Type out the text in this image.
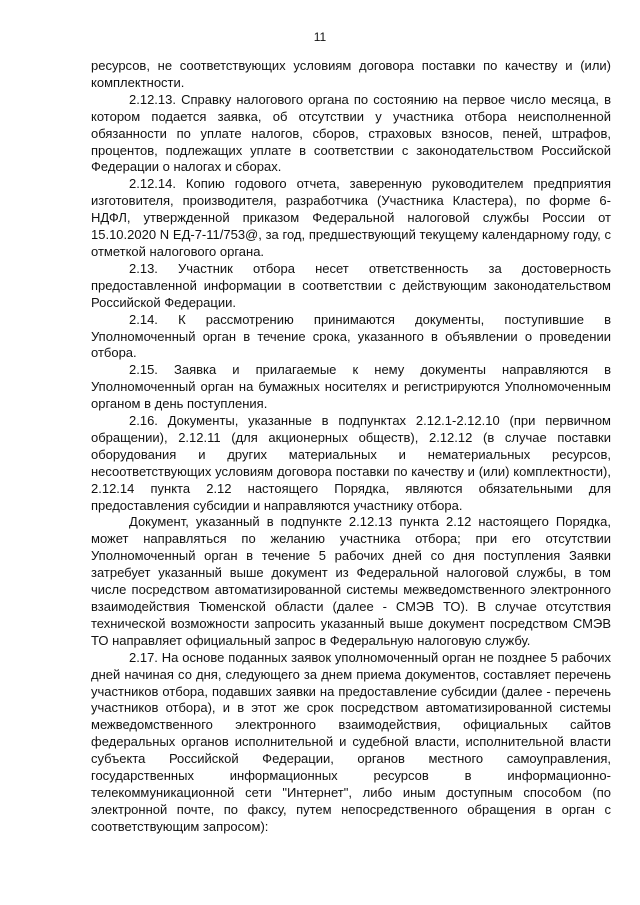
11

ресурсов, не соответствующих условиям договора поставки по качеству и (или) комплектности.

2.12.13. Справку налогового органа по состоянию на первое число месяца, в котором подается заявка, об отсутствии у участника отбора неисполненной обязанности по уплате налогов, сборов, страховых взносов, пеней, штрафов, процентов, подлежащих уплате в соответствии с законодательством Российской Федерации о налогах и сборах.

2.12.14. Копию годового отчета, заверенную руководителем предприятия изготовителя, производителя, разработчика (Участника Кластера), по форме 6-НДФЛ, утвержденной приказом Федеральной налоговой службы России от 15.10.2020 N ЕД-7-11/753@, за год, предшествующий текущему календарному году, с отметкой налогового органа.

2.13. Участник отбора несет ответственность за достоверность предоставленной информации в соответствии с действующим законодательством Российской Федерации.

2.14. К рассмотрению принимаются документы, поступившие в Уполномоченный орган в течение срока, указанного в объявлении о проведении отбора.

2.15. Заявка и прилагаемые к нему документы направляются в Уполномоченный орган на бумажных носителях и регистрируются Уполномоченным органом в день поступления.

2.16. Документы, указанные в подпунктах 2.12.1-2.12.10 (при первичном обращении), 2.12.11 (для акционерных обществ), 2.12.12 (в случае поставки оборудования и других материальных и нематериальных ресурсов, несоответствующих условиям договора поставки по качеству и (или) комплектности), 2.12.14 пункта 2.12 настоящего Порядка, являются обязательными для предоставления субсидии и направляются участнику отбора.

Документ, указанный в подпункте 2.12.13 пункта 2.12 настоящего Порядка, может направляться по желанию участника отбора; при его отсутствии Уполномоченный орган в течение 5 рабочих дней со дня поступления Заявки затребует указанный выше документ из Федеральной налоговой службы, в том числе посредством автоматизированной системы межведомственного электронного взаимодействия Тюменской области (далее - СМЭВ ТО). В случае отсутствия технической возможности запросить указанный выше документ посредством СМЭВ ТО направляет официальный запрос в Федеральную налоговую службу.

2.17. На основе поданных заявок уполномоченный орган не позднее 5 рабочих дней начиная со дня, следующего за днем приема документов, составляет перечень участников отбора, подавших заявки на предоставление субсидии (далее - перечень участников отбора), и в этот же срок посредством автоматизированной системы межведомственного электронного взаимодействия, официальных сайтов федеральных органов исполнительной и судебной власти, исполнительной власти субъекта Российской Федерации, органов местного самоуправления, государственных информационных ресурсов в информационно-телекоммуникационной сети "Интернет", либо иным доступным способом (по электронной почте, по факсу, путем непосредственного обращения в орган с соответствующим запросом):
